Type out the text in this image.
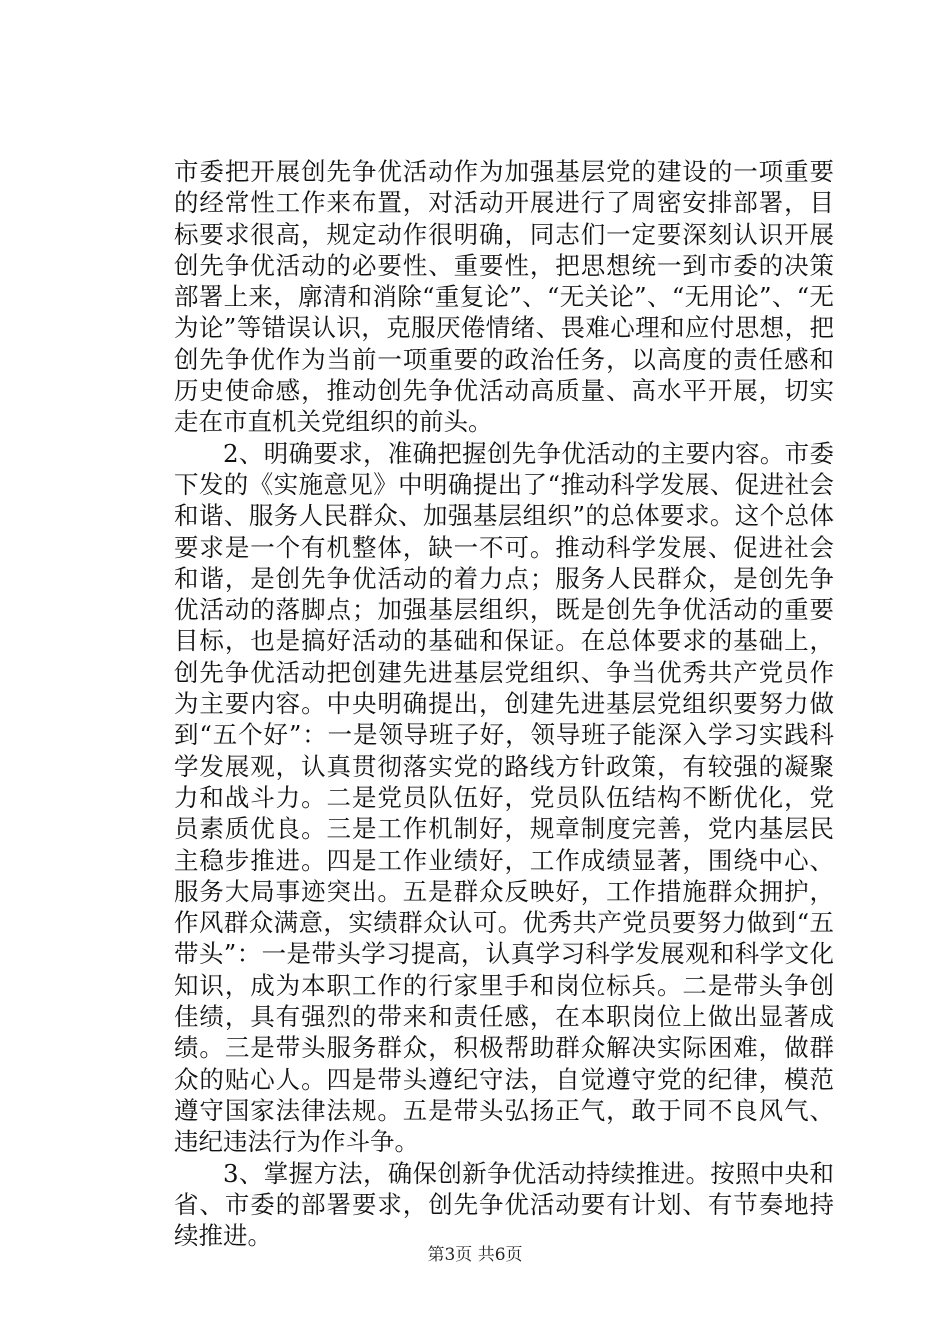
市委把开展创先争优活动作为加强基层党的建设的一项重要的经常性工作来布置，对活动开展进行了周密安排部署，目标要求很高，规定动作很明确，同志们一定要深刻认识开展创先争优活动的必要性、重要性，把思想统一到市委的决策部署上来，廓清和消除“重复论”、“无关论”、“无用论”、“无为论”等错误认识，克服厌倦情绪、畏难心理和应付思想，把创先争优作为当前一项重要的政治任务，以高度的责任感和历史使命感，推动创先争优活动高质量、高水平开展，切实走在市直机关党组织的前头。

2、明确要求，准确把握创先争优活动的主要内容。市委下发的《实施意见》中明确提出了“推动科学发展、促进社会和谐、服务人民群众、加强基层组织”的总体要求。这个总体要求是一个有机整体，缺一不可。推动科学发展、促进社会和谐，是创先争优活动的着力点；服务人民群众，是创先争优活动的落脚点；加强基层组织，既是创先争优活动的重要目标，也是搞好活动的基础和保证。在总体要求的基础上，创先争优活动把创建先进基层党组织、争当优秀共产党员作为主要内容。中央明确提出，创建先进基层党组织要努力做到“五个好”：一是领导班子好，领导班子能深入学习实践科学发展观，认真贯彻落实党的路线方针政策，有较强的凝聚力和战斗力。二是党员队伍好，党员队伍结构不断优化，党员素质优良。三是工作机制好，规章制度完善，党内基层民主稳步推进。四是工作业绩好，工作成绩显著，围绕中心、服务大局事迹突出。五是群众反映好，工作措施群众拥护，作风群众满意，实绩群众认可。优秀共产党员要努力做到“五带头”：一是带头学习提高，认真学习科学发展观和科学文化知识，成为本职工作的行家里手和岗位标兵。二是带头争创佳绩，具有强烈的带来和责任感，在本职岗位上做出显著成绩。三是带头服务群众，积极帮助群众解决实际困难，做群众的贴心人。四是带头遵纪守法，自觉遵守党的纪律，模范遵守国家法律法规。五是带头弘扬正气，敢于同不良风气、违纪违法行为作斗争。

3、掌握方法，确保创新争优活动持续推进。按照中央和省、市委的部署要求，创先争优活动要有计划、有节奏地持续推进。

第3页 共6页
